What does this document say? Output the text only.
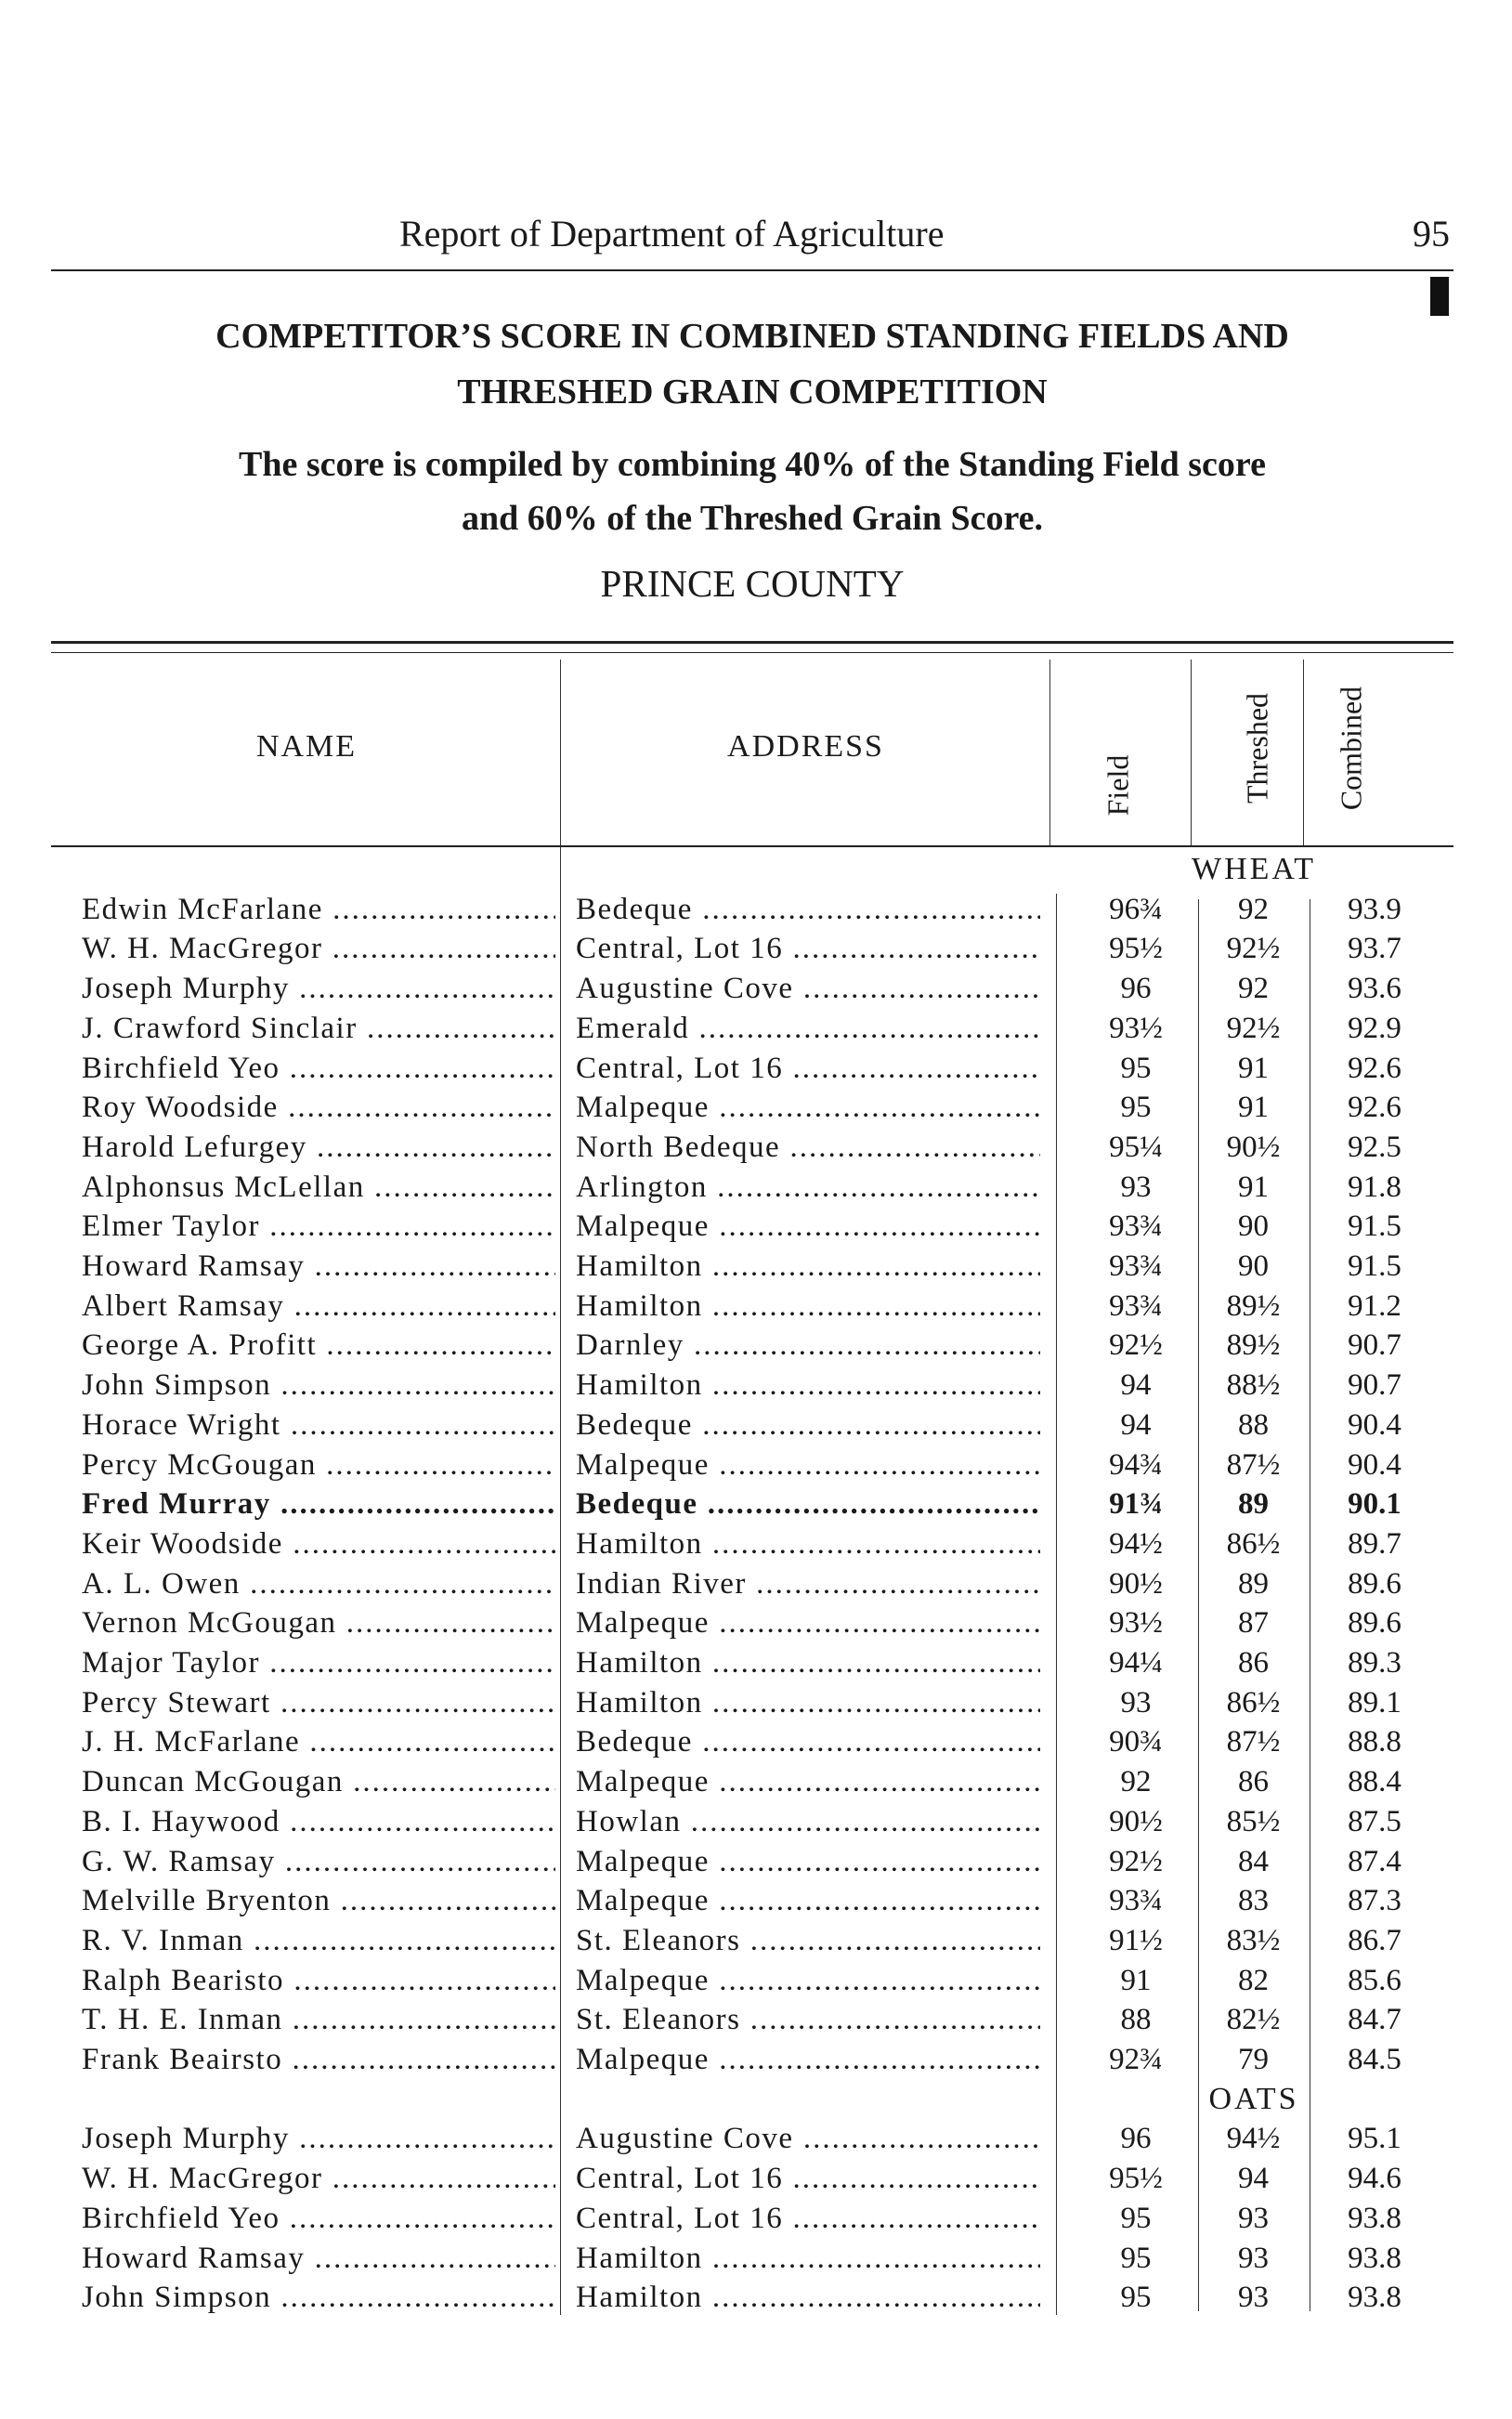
Report of Department of Agriculture	95
COMPETITOR’S SCORE IN COMBINED STANDING FIELDS AND
THRESHED GRAIN COMPETITION
The score is compiled by combining 40% of the Standing Field score
and 60% of the Threshed Grain Score.
PRINCE COUNTY
NAME	ADDRESS
Field	Threshed Combined
WHEAT
Edwin McFarlane .....	Bedeque .....	96¾	92	93.9
W. H. MacGregor .....	Central, Lot 16 .....	95½	92½	93.7
Joseph Murphy .....	Augustine Cove .....	96	92	93.6
J. Crawford Sinclair .....	Emerald .....	93½	92½	92.9
Birchfield Yeo .....	Central, Lot 16 .....	95	91	92.6
Roy Woodside .....	Malpeque .....	95	91	92.6
Harold Lefurgey .....	North Bedeque .....	95¼	90½	92.5
Alphonsus McLellan .....	Arlington .....	93	91	91.8
Elmer Taylor .....	Malpeque .....	93¾	90	91.5
Howard Ramsay .....	Hamilton .....	93¾	90	91.5
Albert Ramsay .....	Hamilton .....	93¾	89½	91.2
George A. Profitt .....	Darnley .....	92½	89½	90.7
John Simpson .....	Hamilton .....	94	88½	90.7
Horace Wright .....	Bedeque .....	94	88	90.4
Percy McGougan .....	Malpeque .....	94¾	87½	90.4
Fred Murray .....	Bedeque .....	91¾	89	90.1
Keir Woodside .....	Hamilton .....	94½	86½	89.7
A. L. Owen .....	Indian River .....	90½	89	89.6
Vernon McGougan .....	Malpeque .....	93½	87	89.6
Major Taylor .....	Hamilton .....	94¼	86	89.3
Percy Stewart .....	Hamilton .....	93	86½	89.1
J. H. McFarlane .....	Bedeque .....	90¾	87½	88.8
Duncan McGougan .....	Malpeque .....	92	86	88.4
B. I. Haywood .....	Howlan .....	90½	85½	87.5
G. W. Ramsay .....	Malpeque .....	92½	84	87.4
Melville Bryenton .....	Malpeque .....	93¾	83	87.3
R. V. Inman .....	St. Eleanors .....	91½	83½	86.7
Ralph Bearisto .....	Malpeque .....	91	82	85.6
T. H. E. Inman .....	St. Eleanors .....	88	82½	84.7
Frank Beairsto .....	Malpeque .....	92¾	79	84.5
OATS
Joseph Murphy .....	Augustine Cove .....	96	94½	95.1
W. H. MacGregor .....	Central, Lot 16 .....	95½	94	94.6
Birchfield Yeo .....	Central, Lot 16 .....	95	93	93.8
Howard Ramsay .....	Hamilton .....	95	93	93.8
John Simpson .....	Hamilton .....	95	93	93.8
